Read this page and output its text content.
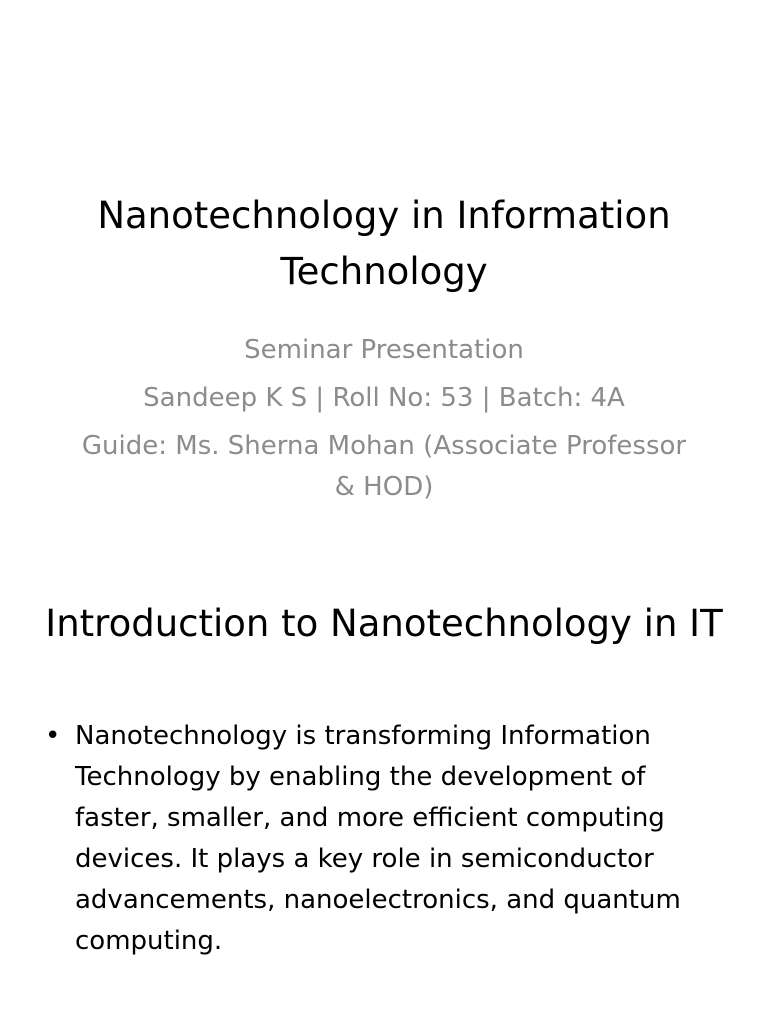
Nanotechnology in Information Technology
Seminar Presentation
Sandeep K S | Roll No: 53 | Batch: 4A
Guide: Ms. Sherna Mohan (Associate Professor & HOD)
Introduction to Nanotechnology in IT
• Nanotechnology is transforming Information Technology by enabling the development of faster, smaller, and more efficient computing devices. It plays a key role in semiconductor advancements, nanoelectronics, and quantum computing.
